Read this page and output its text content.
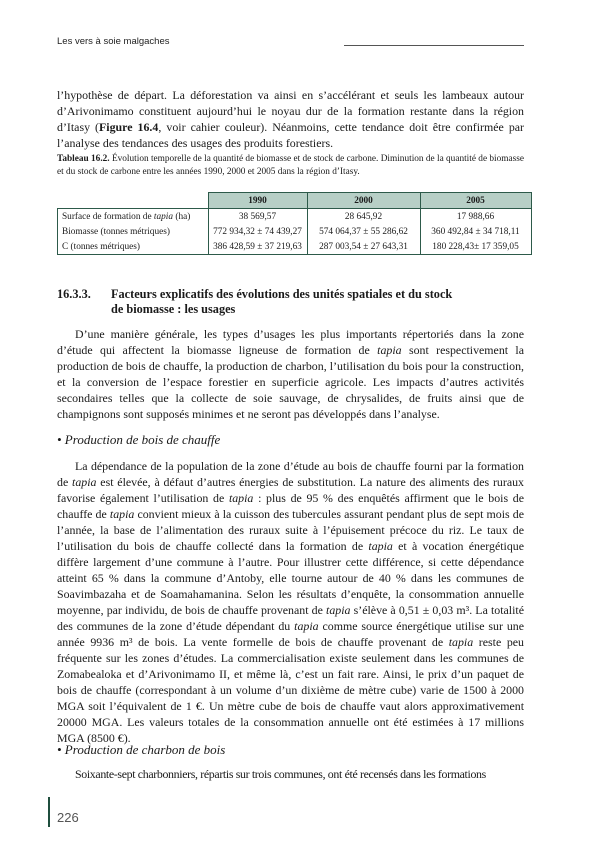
Les vers à soie malgaches

l’hypothèse de départ. La déforestation va ainsi en s’accélérant et seuls les lambeaux autour d’Arivonimamo constituent aujourd’hui le noyau dur de la formation restante dans la région d’Itasy (Figure 16.4, voir cahier couleur). Néanmoins, cette tendance doit être confirmée par l’analyse des tendances des usages des produits forestiers.

Tableau 16.2. Évolution temporelle de la quantité de biomasse et de stock de carbone. Diminution de la quantité de biomasse et du stock de carbone entre les années 1990, 2000 et 2005 dans la région d’Itasy.
	1990	2000	2005
Surface de formation de tapia (ha)	38 569,57	28 645,92	17 988,66
Biomasse (tonnes métriques)	772 934,32 ± 74 439,27	574 064,37 ± 55 286,62	360 492,84 ± 34 718,11
C (tonnes métriques)	386 428,59 ± 37 219,63	287 003,54 ± 27 643,31	180 228,43± 17 359,05
16.3.3. Facteurs explicatifs des évolutions des unités spatiales et du stock
de biomasse : les usages

D’une manière générale, les types d’usages les plus importants répertoriés dans la zone d’étude qui affectent la biomasse ligneuse de formation de tapia sont respectivement la production de bois de chauffe, la production de charbon, l’utilisation du bois pour la construction, et la conversion de l’espace forestier en superficie agricole. Les impacts d’autres activités secondaires telles que la collecte de soie sauvage, de chrysalides, de fruits ainsi que de champignons sont supposés minimes et ne seront pas développés dans l’analyse.

• Production de bois de chauffe

La dépendance de la population de la zone d’étude au bois de chauffe fourni par la formation de tapia est élevée, à défaut d’autres énergies de substitution. La nature des aliments des ruraux favorise également l’utilisation de tapia : plus de 95 % des enquêtés affirment que le bois de chauffe de tapia convient mieux à la cuisson des tubercules assurant pendant plus de sept mois de l’année, la base de l’alimentation des ruraux suite à l’épuisement précoce du riz. Le taux de l’utilisation du bois de chauffe collecté dans la formation de tapia et à vocation énergétique diffère largement d’une commune à l’autre. Pour illustrer cette différence, si cette dépendance atteint 65 % dans la commune d’Antoby, elle tourne autour de 40 % dans les communes de Soavimbazaha et de Soamahamanina. Selon les résultats d’enquête, la consommation annuelle moyenne, par individu, de bois de chauffe provenant de tapia s’élève à 0,51 ± 0,03 m³. La totalité des communes de la zone d’étude dépendant du tapia comme source énergétique utilise sur une année 9936 m³ de bois. La vente formelle de bois de chauffe provenant de tapia reste peu fréquente sur les zones d’études. La commercialisation existe seulement dans les communes de Zomabealoka et d’Arivonimamo II, et même là, c’est un fait rare. Ainsi, le prix d’un paquet de bois de chauffe (correspondant à un volume d’un dixième de mètre cube) varie de 1500 à 2000 MGA soit l’équivalent de 1 €. Un mètre cube de bois de chauffe vaut alors approximativement 20000 MGA. Les valeurs totales de la consommation annuelle ont été estimées à 17 millions MGA (8500 €).

• Production de charbon de bois

Soixante-sept charbonniers, répartis sur trois communes, ont été recensés dans les formations

226
